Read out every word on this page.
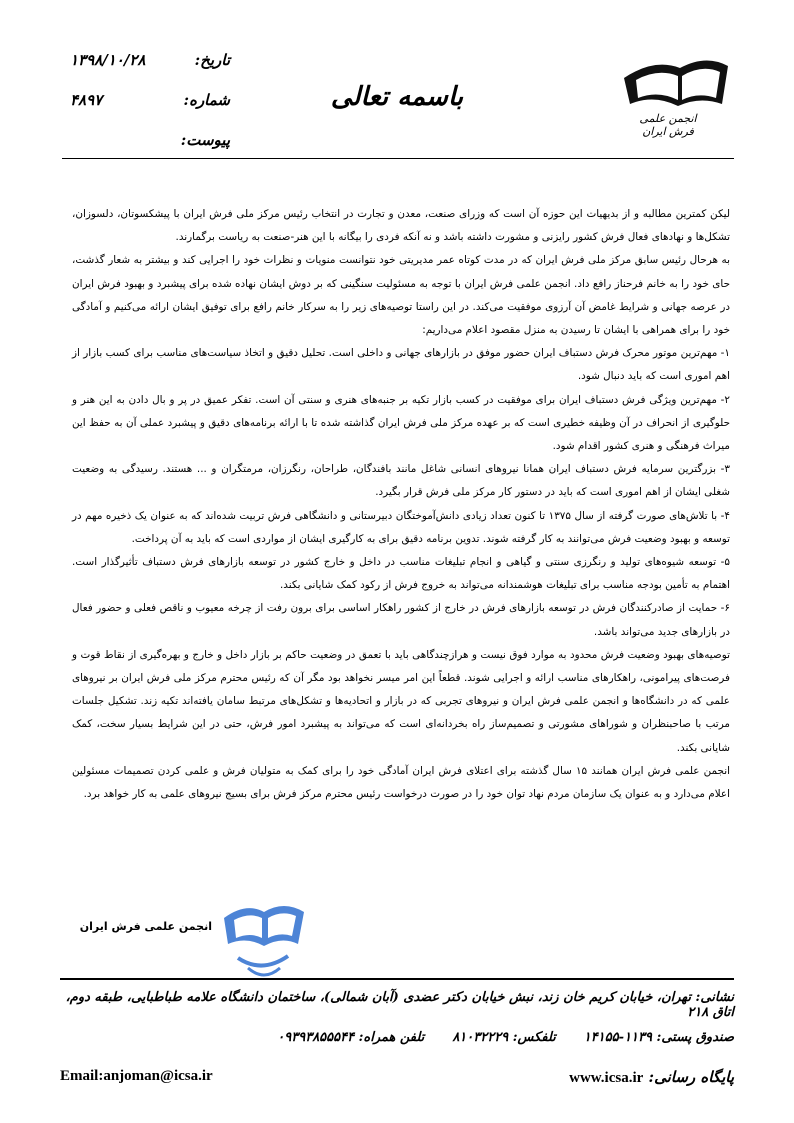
انجمن علمی فرش ایران
باسمه تعالی
تاریخ:
۱۳۹۸/۱۰/۲۸
شماره:
۴۸۹۷
پیوست:

لیکن کمترین مطالبه و از بدیهیات این حوزه آن است که وزرای صنعت، معدن و تجارت در انتخاب رئیس مرکز ملی فرش ایران با پیشکسوتان، دلسوزان، تشکل‌ها و نهادهای فعال فرش کشور رایزنی و مشورت داشته باشد و نه آنکه فردی را بیگانه با این هنر-صنعت به ریاست برگمارند.

به هرحال رئیس سابق مرکز ملی فرش ایران که در مدت کوتاه عمر مدیریتی خود نتوانست منویات و نظرات خود را اجرایی کند و بیشتر به شعار گذشت، حای خود را به خانم فرحناز رافع داد. انجمن علمی فرش ایران با توجه به مسئولیت سنگینی که بر دوش ایشان نهاده شده برای پیشبرد و بهبود فرش ایران در عرصه جهانی و شرایط غامض آن آرزوی موفقیت می‌کند. در این راستا توصیه‌های زیر را به سرکار خانم رافع برای توفیق ایشان ارائه می‌کنیم و آمادگی خود را برای همراهی با ایشان تا رسیدن به منزل مقصود اعلام می‌داریم:

۱- مهم‌ترین موتور محرک فرش دستباف ایران حضور موفق در بازارهای جهانی و داخلی است. تحلیل دقیق و اتخاذ سیاست‌های مناسب برای کسب بازار از اهم اموری است که باید دنبال شود.

۲- مهم‌ترین ویژگی فرش دستباف ایران برای موفقیت در کسب بازار تکیه بر جنبه‌های هنری و سنتی آن است. تفکر عمیق در پر و بال دادن به این هنر و حلوگیری از انحراف در آن وظیفه خطیری است که بر عهده مرکز ملی فرش ایران گذاشته شده تا با ارائه برنامه‌های دقیق و پیشبرد عملی آن به حفظ این میراث فرهنگی و هنری کشور اقدام شود.

۳- بزرگترین سرمایه فرش دستباف ایران همانا نیروهای انسانی شاغل مانند بافندگان، طراحان، رنگرزان، مرمتگران و ... هستند. رسیدگی به وضعیت شغلی ایشان از اهم اموری است که باید در دستور کار مرکز ملی فرش قرار بگیرد.

۴- با تلاش‌های صورت گرفته از سال ۱۳۷۵ تا کنون تعداد زیادی دانش‌آموختگان دبیرستانی و دانشگاهی فرش تربیت شده‌اند که به عنوان یک ذخیره مهم در توسعه و بهبود وضعیت فرش می‌توانند به کار گرفته شوند. تدوین برنامه دقیق برای به کارگیری ایشان از مواردی است که باید به آن پرداخت.

۵- توسعه شیوه‌های تولید و رنگرزی سنتی و گیاهی و انجام تبلیغات مناسب در داخل و خارج کشور در توسعه بازارهای فرش دستباف تأثیرگذار است. اهتمام به تأمین بودجه مناسب برای تبلیغات هوشمندانه می‌تواند به خروج فرش از رکود کمک شایانی بکند.

۶- حمایت از صادرکنندگان فرش در توسعه بازارهای فرش در خارج از کشور راهکار اساسی برای برون رفت از چرخه معیوب و ناقص فعلی و حضور فعال در بازارهای جدید می‌تواند باشد.

توصیه‌های بهبود وضعیت فرش محدود به موارد فوق نیست و هرازچندگاهی باید با تعمق در وضعیت حاکم بر بازار داخل و خارج و بهره‌گیری از نقاط قوت و فرصت‌های پیرامونی، راهکارهای مناسب ارائه و اجرایی شوند. قطعاً این امر میسر نخواهد بود مگر آن که رئیس محترم مرکز ملی فرش ایران بر نیروهای علمی که در دانشگاه‌ها و انجمن علمی فرش ایران و نیروهای تجربی که در بازار و اتحادیه‌ها و تشکل‌های مرتبط سامان یافته‌اند تکیه زند. تشکیل جلسات مرتب با صاحبنظران و شوراهای مشورتی و تصمیم‌ساز راه بخردانه‌ای است که می‌تواند به پیشبرد امور فرش، حتی در این شرایط بسیار سخت، کمک شایانی بکند.

انجمن علمی فرش ایران همانند ۱۵ سال گذشته برای اعتلای فرش ایران آمادگی خود را برای کمک به متولیان فرش و علمی کردن تصمیمات مسئولین اعلام می‌دارد و به عنوان یک سازمان مردم نهاد توان خود را در صورت درخواست رئیس محترم مرکز فرش برای بسیج نیروهای علمی به کار خواهد برد.

انجمن علمی فرش ایران
نشانی: تهران، خیابان کریم خان زند، نبش خیابان دکتر عضدی (آبان شمالی)، ساختمان دانشگاه علامه طباطبایی، طبقه دوم، اتاق ۲۱۸
صندوق پستی: ۱۱۳۹-۱۴۱۵۵
تلفکس: ۸۱۰۳۲۲۲۹
تلفن همراه: ۰۹۳۹۳۸۵۵۵۴۴
پایگاه رسانی: www.icsa.ir
Email:anjoman@icsa.ir
